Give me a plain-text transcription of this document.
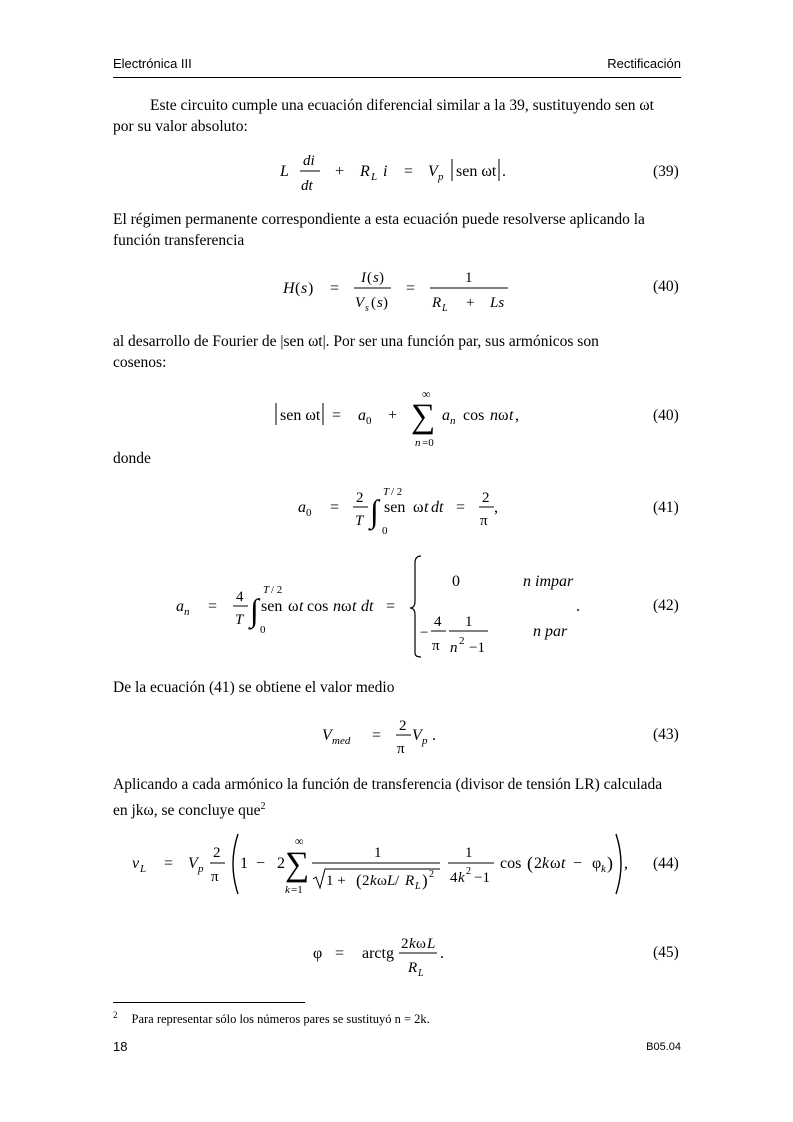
Electrónica III	Rectificación
Este circuito cumple una ecuación diferencial similar a la 39, sustituyendo sen ωt
por su valor absoluto:
L
di
dt
+ R L i = V p sen ωt .	(39)
El régimen permanente correspondiente a esta ecuación puede resolverse aplicando la
función transferencia
H ( s ) =
I ( s )
V s ( s )
=
1
R L + Ls
(40)
al desarrollo de Fourier de |sen ωt|. Por ser una función par, sus armónicos son
cosenos:
sen ωt = a 0 +
∞
∑
n =0
a n cos n ω t ,	(40)
donde
a 0 =
2
T ∫
T / 2
0
sen ω t dt =
2
π
,	(41)
a n =
4
T ∫
T / 2
0
sen ω t cos n ω t dt =
0	n impar
.
−
4
π
1
n 2 −1
n par
(42)
De la ecuación (41) se obtiene el valor medio
V med =
2
π
V p .	(43)
Aplicando a cada armónico la función de transferencia (divisor de tensión LR) calculada
en jkω, se concluye que$^2$
v L = V p
2
π
1 − 2
∞
∑
k =1
1
1 + ( 2 k ω L / R L ) 2
1
4 k 2 −1
cos ( 2 k ω t − φ k ) , (44)
φ = arctg
2 k ω L
R L
.	(45)
$^2$ Para representar sólo los números pares se sustituyó n = 2k.
18	B05.04
